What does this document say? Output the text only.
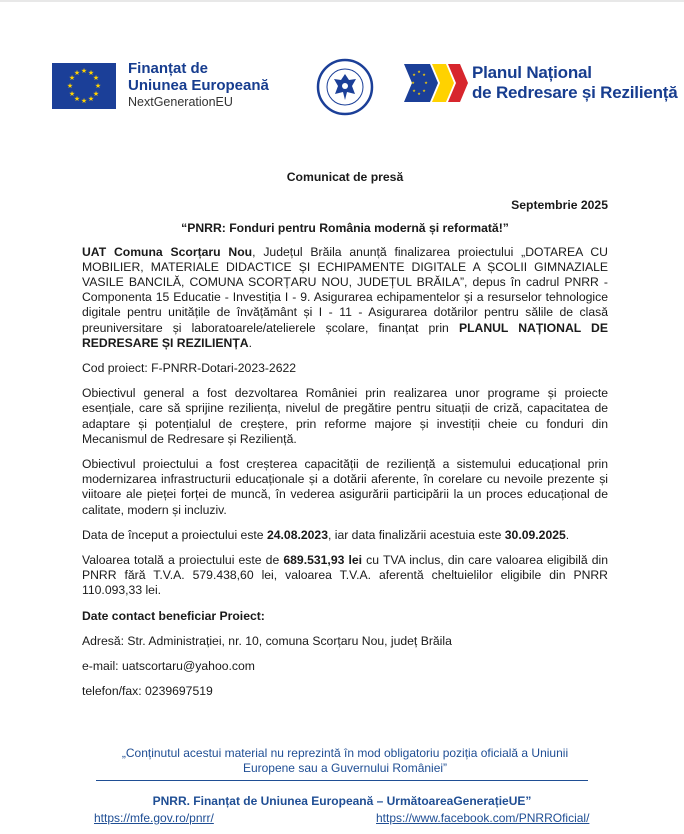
★ ★
★
★
★
★
★
★
★
★
★
★	Finanțat de
Uniunea Europeană
NextGenerationEU
★
★
★
★
★
★
★
★	Planul Național
de Redresare și Reziliență

Comunicat de presă

Septembrie 2025

“PNRR: Fonduri pentru România modernă și reformată!”

UAT Comuna Scorțaru Nou, Județul Brăila anunță finalizarea proiectului „DOTAREA CU MOBILIER, MATERIALE DIDACTICE ȘI ECHIPAMENTE DIGITALE A ȘCOLII GIMNAZIALE VASILE BANCILĂ, COMUNA SCORȚARU NOU, JUDEȚUL BRĂILA”, depus în cadrul PNRR - Componenta 15 Educatie - Investiția I - 9. Asigurarea echipamentelor și a resurselor tehnologice digitale pentru unitățile de învățământ și I - 11 - Asigurarea dotărilor pentru sălile de clasă preuniversitare și laboratoarele/atelierele școlare, finanțat prin PLANUL NAȚIONAL DE REDRESARE ȘI REZILIENȚA.

Cod proiect: F-PNRR-Dotari-2023-2622

Obiectivul general a fost dezvoltarea României prin realizarea unor programe și proiecte esențiale, care să sprijine reziliența, nivelul de pregătire pentru situații de criză, capacitatea de adaptare și potențialul de creștere, prin reforme majore și investiții cheie cu fonduri din Mecanismul de Redresare și Reziliență.

Obiectivul proiectului a fost creșterea capacității de reziliență a sistemului educațional prin modernizarea infrastructurii educaționale și a dotării aferente, în corelare cu nevoile prezente și viitoare ale pieței forței de muncă, în vederea asigurării participării la un proces educațional de calitate, modern și incluziv.

Data de început a proiectului este 24.08.2023, iar data finalizării acestuia este 30.09.2025.

Valoarea totală a proiectului este de 689.531,93 lei cu TVA inclus, din care valoarea eligibilă din PNRR fără T.V.A. 579.438,60 lei, valoarea T.V.A. aferentă cheltuielilor eligibile din PNRR 110.093,33 lei.

Date contact beneficiar Proiect:

Adresă: Str. Administrației, nr. 10, comuna Scorțaru Nou, județ Brăila

e-mail: uatscortaru@yahoo.com

telefon/fax: 0239697519

„Conținutul acestui material nu reprezintă în mod obligatoriu poziția oficială a Uniunii Europene sau a Guvernului României”
PNRR. Finanțat de Uniunea Europeană – UrmătoareaGenerațieUE”
https://mfe.gov.ro/pnrr/	https://www.facebook.com/PNRROficial/
